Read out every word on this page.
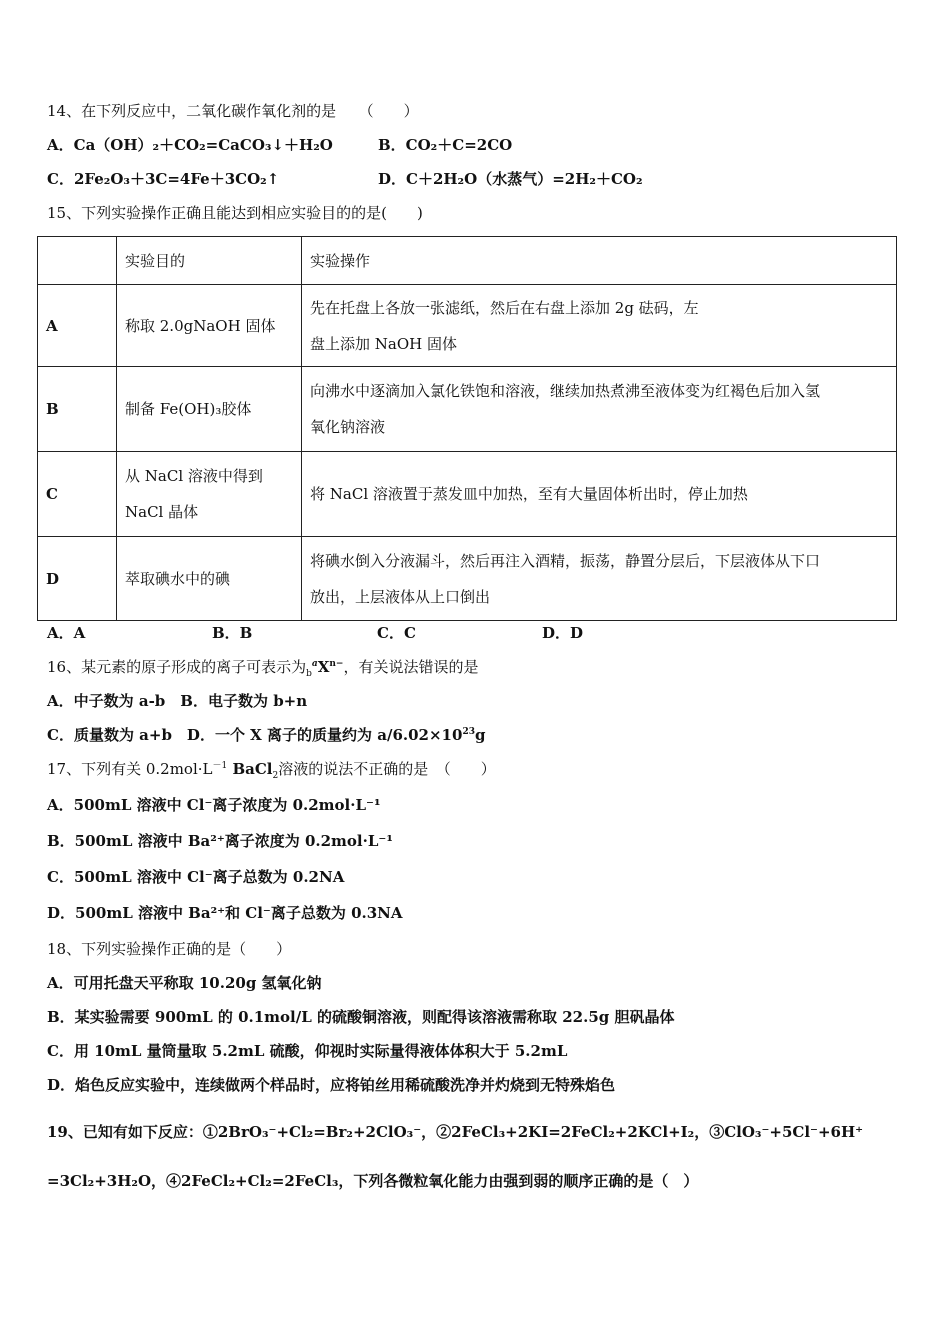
14、在下列反应中，二氧化碳作氧化剂的是　　（　　）
A．Ca（OH）₂＋CO₂=CaCO₃↓＋H₂O	B．CO₂＋C=2CO
C．2Fe₂O₃＋3C=4Fe＋3CO₂↑	D．C＋2H₂O（水蒸气）=2H₂＋CO₂
15、下列实验操作正确且能达到相应实验目的的是(　　)
	实验目的	实验操作
A	称取 2.0gNaOH 固体	先在托盘上各放一张滤纸，然后在右盘上添加 2g 砝码，左
盘上添加 NaOH 固体

B	制备 Fe(OH)₃胶体	向沸水中逐滴加入氯化铁饱和溶液，继续加热煮沸至液体变为红褐色后加入氢
氧化钠溶液

C	从 NaCl 溶液中得到
NaCl 晶体	将 NaCl 溶液置于蒸发皿中加热，至有大量固体析出时，停止加热
D	萃取碘水中的碘	将碘水倒入分液漏斗，然后再注入酒精，振荡，静置分层后，下层液体从下口
放出，上层液体从上口倒出
A．A	B．B	C．C	D．D
16、某元素的原子形成的离子可表示为$_b^aX^{n-}$，有关说法错误的是
A．中子数为 a-b　B．电子数为 b+n
C．质量数为 a+b　D．一个 X 离子的质量约为 $a/6.02\times 10^{23}g$
17、下列有关 $0.2mol\cdot L^{-1}$ BaCl$_2$溶液的说法不正确的是　（　　）
A．500mL 溶液中 Cl⁻离子浓度为 0.2mol·L⁻¹
B．500mL 溶液中 Ba²⁺离子浓度为 0.2mol·L⁻¹
C．500mL 溶液中 Cl⁻离子总数为 0.2NA
D．500mL 溶液中 Ba²⁺和 Cl⁻离子总数为 0.3NA
18、下列实验操作正确的是（　　）
A．可用托盘天平称取 10.20g 氢氧化钠
B．某实验需要 900mL 的 0.1mol/L 的硫酸铜溶液，则配得该溶液需称取 22.5g 胆矾晶体
C．用 10mL 量筒量取 5.2mL 硫酸，仰视时实际量得液体体积大于 5.2mL
D．焰色反应实验中，连续做两个样品时，应将铂丝用稀硫酸洗净并灼烧到无特殊焰色
19、已知有如下反应：①2BrO₃⁻+Cl₂=Br₂+2ClO₃⁻，②2FeCl₃+2KI=2FeCl₂+2KCl+I₂，③ClO₃⁻+5Cl⁻+6H⁺
=3Cl₂+3H₂O，④2FeCl₂+Cl₂=2FeCl₃，下列各微粒氧化能力由强到弱的顺序正确的是（　）
